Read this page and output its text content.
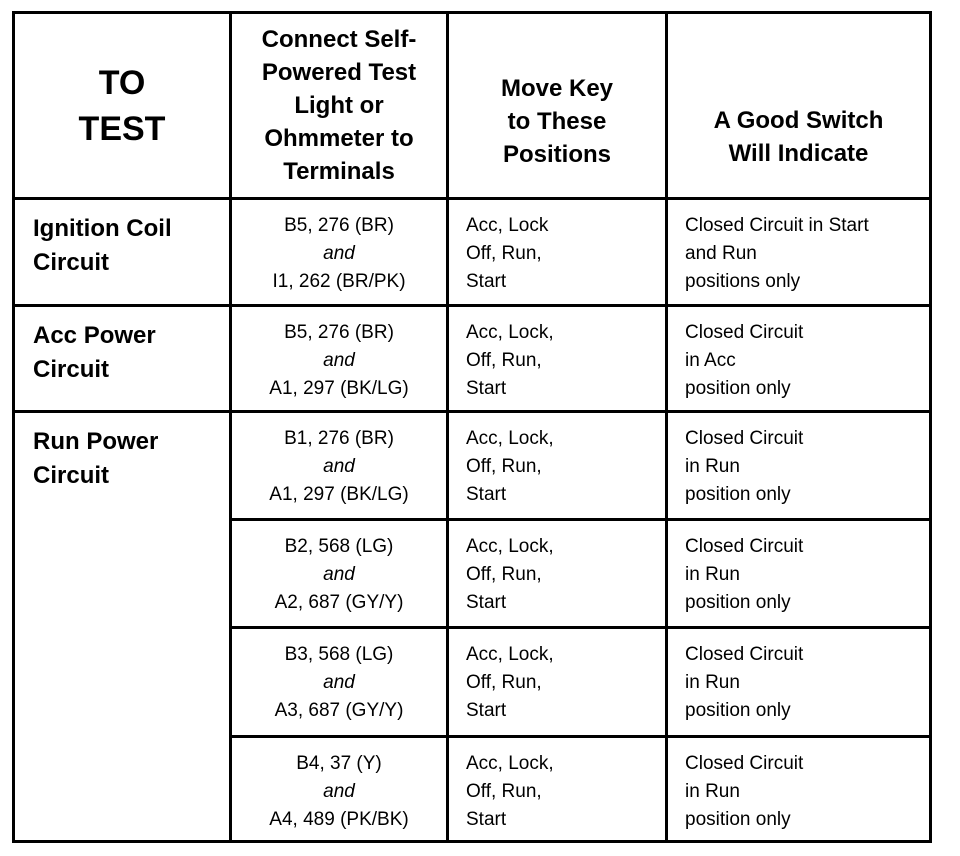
TO
TEST
Connect Self-
Powered Test
Light or
Ohmmeter to
Terminals
Move Key
to These
Positions
A Good Switch
Will Indicate
Ignition Coil
Circuit
Acc Power
Circuit
Run Power
Circuit
B5, 276 (BR)
and
I1, 262 (BR/PK)
Acc, Lock
Off, Run,
Start
Closed Circuit in Start
and Run
positions only
B5, 276 (BR)
and
A1, 297 (BK/LG)
Acc, Lock,
Off, Run,
Start
Closed Circuit
in Acc
position only
B1, 276 (BR)
and
A1, 297 (BK/LG)
Acc, Lock,
Off, Run,
Start
Closed Circuit
in Run
position only
B2, 568 (LG)
and
A2, 687 (GY/Y)
Acc, Lock,
Off, Run,
Start
Closed Circuit
in Run
position only
B3, 568 (LG)
and
A3, 687 (GY/Y)
Acc, Lock,
Off, Run,
Start
Closed Circuit
in Run
position only
B4, 37 (Y)
and
A4, 489 (PK/BK)
Acc, Lock,
Off, Run,
Start
Closed Circuit
in Run
position only
